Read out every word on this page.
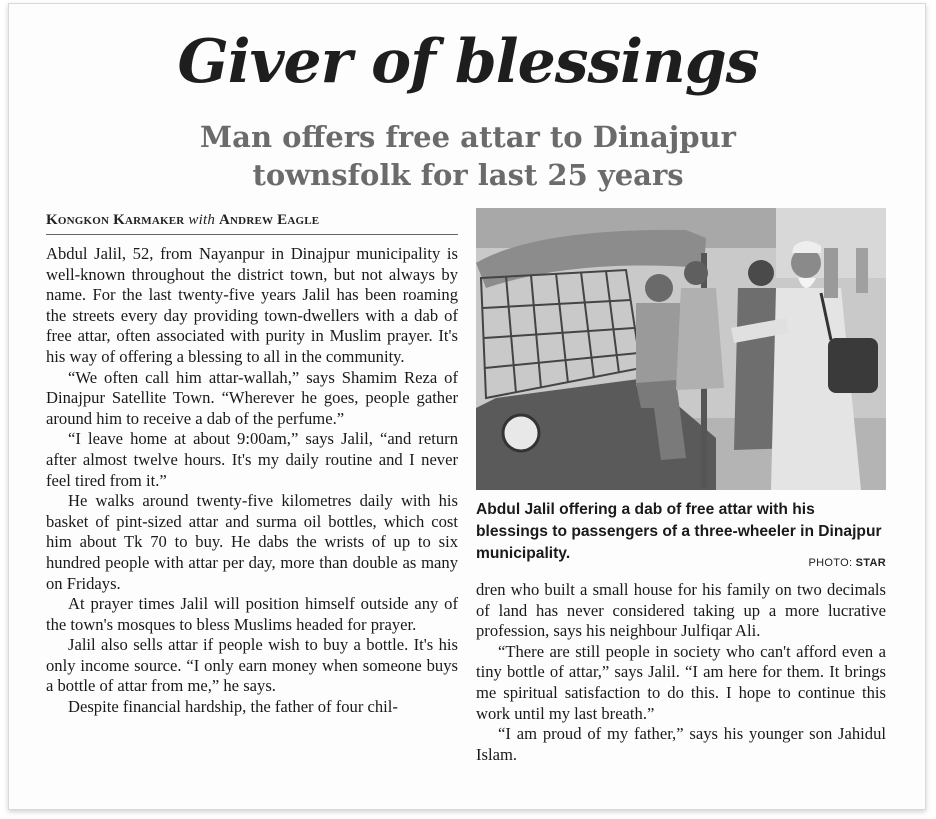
Giver of blessings
Man offers free attar to Dinajpur townsfolk for last 25 years
Kongkon Karmaker with Andrew Eagle

Abdul Jalil, 52, from Nayanpur in Dinajpur municipality is well-known throughout the district town, but not always by name. For the last twenty-five years Jalil has been roaming the streets every day providing town-dwellers with a dab of free attar, often associated with purity in Muslim prayer. It's his way of offering a blessing to all in the community.

“We often call him attar-wallah,” says Shamim Reza of Dinajpur Satellite Town. “Wherever he goes, people gather around him to receive a dab of the perfume.”

“I leave home at about 9:00am,” says Jalil, “and return after almost twelve hours. It's my daily routine and I never feel tired from it.”

He walks around twenty-five kilometres daily with his basket of pint-sized attar and surma oil bottles, which cost him about Tk 70 to buy. He dabs the wrists of up to six hundred people with attar per day, more than double as many on Fridays.

At prayer times Jalil will position himself outside any of the town's mosques to bless Muslims headed for prayer.

Jalil also sells attar if people wish to buy a bottle. It's his only income source. “I only earn money when someone buys a bottle of attar from me,” he says.

Despite financial hardship, the father of four chil-

Abdul Jalil offering a dab of free attar with his blessings to passengers of a three-wheeler in Dinajpur municipality.
PHOTO: STAR

dren who built a small house for his family on two decimals of land has never considered taking up a more lucrative profession, says his neighbour Julfiqar Ali.

“There are still people in society who can't afford even a tiny bottle of attar,” says Jalil. “I am here for them. It brings me spiritual satisfaction to do this. I hope to continue this work until my last breath.”

“I am proud of my father,” says his younger son Jahidul Islam.
